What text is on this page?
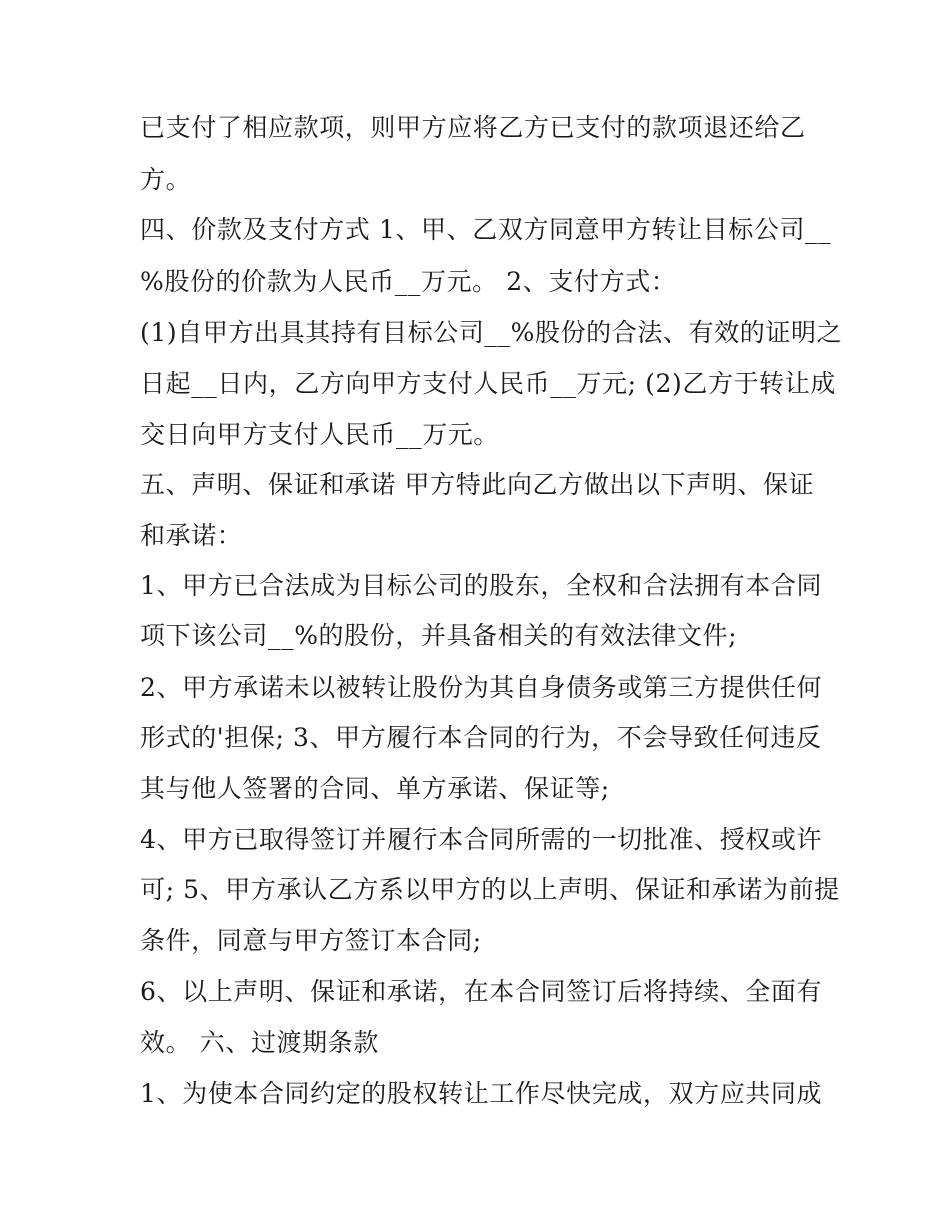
已支付了相应款项，则甲方应将乙方已支付的款项退还给乙
方。
四、价款及支付方式 1、甲、乙双方同意甲方转让目标公司__
%股份的价款为人民币__万元。 2、支付方式：
(1)自甲方出具其持有目标公司__%股份的合法、有效的证明之
日起__日内，乙方向甲方支付人民币__万元; (2)乙方于转让成
交日向甲方支付人民币__万元。
五、声明、保证和承诺 甲方特此向乙方做出以下声明、保证
和承诺：
1、甲方已合法成为目标公司的股东，全权和合法拥有本合同
项下该公司__%的股份，并具备相关的有效法律文件;
2、甲方承诺未以被转让股份为其自身债务或第三方提供任何
形式的'担保; 3、甲方履行本合同的行为，不会导致任何违反
其与他人签署的合同、单方承诺、保证等;
4、甲方已取得签订并履行本合同所需的一切批准、授权或许
可; 5、甲方承认乙方系以甲方的以上声明、保证和承诺为前提
条件，同意与甲方签订本合同;
6、以上声明、保证和承诺，在本合同签订后将持续、全面有
效。 六、过渡期条款
1、为使本合同约定的股权转让工作尽快完成，双方应共同成
